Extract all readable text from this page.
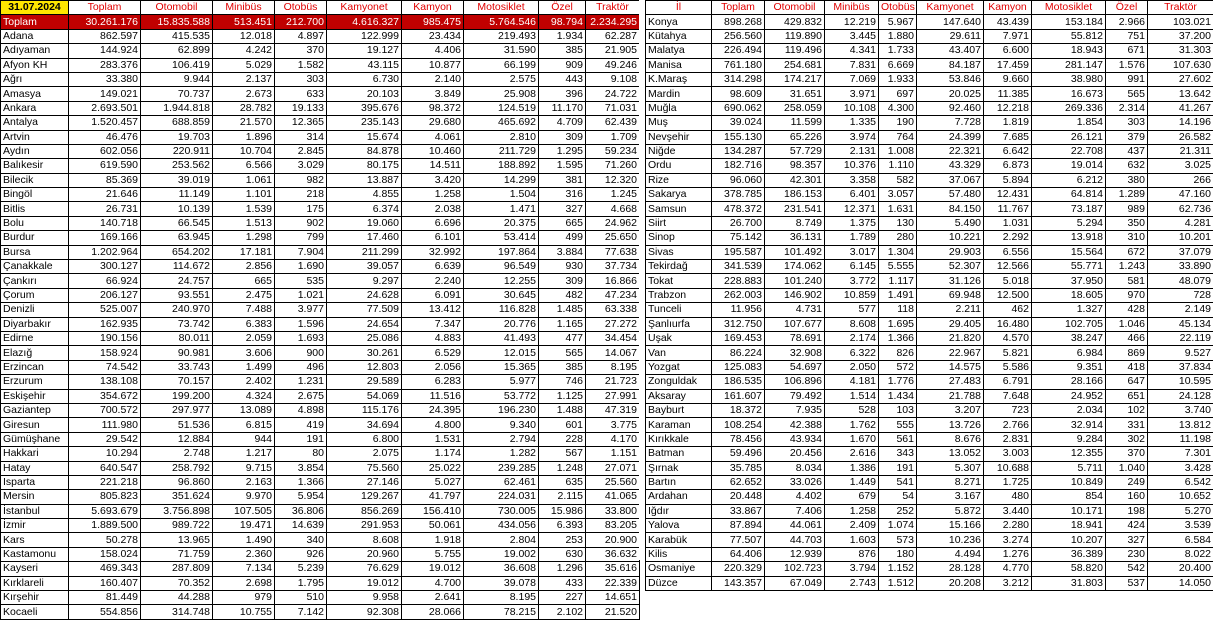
31.07.2024	Toplam	Otomobil	Minibüs	Otobüs	Kamyonet	Kamyon	Motosiklet	Özel	Traktör
Toplam	30.261.176	15.835.588	513.451	212.700	4.616.327	985.475	5.764.546	98.794	2.234.295
Adana	862.597	415.535	12.018	4.897	122.999	23.434	219.493	1.934	62.287
Adıyaman	144.924	62.899	4.242	370	19.127	4.406	31.590	385	21.905
Afyon KH	283.376	106.419	5.029	1.582	43.115	10.877	66.199	909	49.246
Ağrı	33.380	9.944	2.137	303	6.730	2.140	2.575	443	9.108
Amasya	149.021	70.737	2.673	633	20.103	3.849	25.908	396	24.722
Ankara	2.693.501	1.944.818	28.782	19.133	395.676	98.372	124.519	11.170	71.031
Antalya	1.520.457	688.859	21.570	12.365	235.143	29.680	465.692	4.709	62.439
Artvin	46.476	19.703	1.896	314	15.674	4.061	2.810	309	1.709
Aydın	602.056	220.911	10.704	2.845	84.878	10.460	211.729	1.295	59.234
Balıkesir	619.590	253.562	6.566	3.029	80.175	14.511	188.892	1.595	71.260
Bilecik	85.369	39.019	1.061	982	13.887	3.420	14.299	381	12.320
Bingöl	21.646	11.149	1.101	218	4.855	1.258	1.504	316	1.245
Bitlis	26.731	10.139	1.539	175	6.374	2.038	1.471	327	4.668
Bolu	140.718	66.545	1.513	902	19.060	6.696	20.375	665	24.962
Burdur	169.166	63.945	1.298	799	17.460	6.101	53.414	499	25.650
Bursa	1.202.964	654.202	17.181	7.904	211.299	32.992	197.864	3.884	77.638
Çanakkale	300.127	114.672	2.856	1.690	39.057	6.639	96.549	930	37.734
Çankırı	66.924	24.757	665	535	9.297	2.240	12.255	309	16.866
Çorum	206.127	93.551	2.475	1.021	24.628	6.091	30.645	482	47.234
Denizli	525.007	240.970	7.488	3.977	77.509	13.412	116.828	1.485	63.338
Diyarbakır	162.935	73.742	6.383	1.596	24.654	7.347	20.776	1.165	27.272
Edirne	190.156	80.011	2.059	1.693	25.086	4.883	41.493	477	34.454
Elazığ	158.924	90.981	3.606	900	30.261	6.529	12.015	565	14.067
Erzincan	74.542	33.743	1.499	496	12.803	2.056	15.365	385	8.195
Erzurum	138.108	70.157	2.402	1.231	29.589	6.283	5.977	746	21.723
Eskişehir	354.672	199.200	4.324	2.675	54.069	11.516	53.772	1.125	27.991
Gaziantep	700.572	297.977	13.089	4.898	115.176	24.395	196.230	1.488	47.319
Giresun	111.980	51.536	6.815	419	34.694	4.800	9.340	601	3.775
Gümüşhane	29.542	12.884	944	191	6.800	1.531	2.794	228	4.170
Hakkari	10.294	2.748	1.217	80	2.075	1.174	1.282	567	1.151
Hatay	640.547	258.792	9.715	3.854	75.560	25.022	239.285	1.248	27.071
Isparta	221.218	96.860	2.163	1.366	27.146	5.027	62.461	635	25.560
Mersin	805.823	351.624	9.970	5.954	129.267	41.797	224.031	2.115	41.065
İstanbul	5.693.679	3.756.898	107.505	36.806	856.269	156.410	730.005	15.986	33.800
İzmir	1.889.500	989.722	19.471	14.639	291.953	50.061	434.056	6.393	83.205
Kars	50.278	13.965	1.490	340	8.608	1.918	2.804	253	20.900
Kastamonu	158.024	71.759	2.360	926	20.960	5.755	19.002	630	36.632
Kayseri	469.343	287.809	7.134	5.239	76.629	19.012	36.608	1.296	35.616
Kırklareli	160.407	70.352	2.698	1.795	19.012	4.700	39.078	433	22.339
Kırşehir	81.449	44.288	979	510	9.958	2.641	8.195	227	14.651
Kocaeli	554.856	314.748	10.755	7.142	92.308	28.066	78.215	2.102	21.520
İl	Toplam	Otomobil	Minibüs	Otobüs	Kamyonet	Kamyon	Motosiklet	Özel	Traktör
Konya	898.268	429.832	12.219	5.967	147.640	43.439	153.184	2.966	103.021
Kütahya	256.560	119.890	3.445	1.880	29.611	7.971	55.812	751	37.200
Malatya	226.494	119.496	4.341	1.733	43.407	6.600	18.943	671	31.303
Manisa	761.180	254.681	7.831	6.669	84.187	17.459	281.147	1.576	107.630
K.Maraş	314.298	174.217	7.069	1.933	53.846	9.660	38.980	991	27.602
Mardin	98.609	31.651	3.971	697	20.025	11.385	16.673	565	13.642
Muğla	690.062	258.059	10.108	4.300	92.460	12.218	269.336	2.314	41.267
Muş	39.024	11.599	1.335	190	7.728	1.819	1.854	303	14.196
Nevşehir	155.130	65.226	3.974	764	24.399	7.685	26.121	379	26.582
Niğde	134.287	57.729	2.131	1.008	22.321	6.642	22.708	437	21.311
Ordu	182.716	98.357	10.376	1.110	43.329	6.873	19.014	632	3.025
Rize	96.060	42.301	3.358	582	37.067	5.894	6.212	380	266
Sakarya	378.785	186.153	6.401	3.057	57.480	12.431	64.814	1.289	47.160
Samsun	478.372	231.541	12.371	1.631	84.150	11.767	73.187	989	62.736
Siirt	26.700	8.749	1.375	130	5.490	1.031	5.294	350	4.281
Sinop	75.142	36.131	1.789	280	10.221	2.292	13.918	310	10.201
Sivas	195.587	101.492	3.017	1.304	29.903	6.556	15.564	672	37.079
Tekirdağ	341.539	174.062	6.145	5.555	52.307	12.566	55.771	1.243	33.890
Tokat	228.883	101.240	3.772	1.117	31.126	5.018	37.950	581	48.079
Trabzon	262.003	146.902	10.859	1.491	69.948	12.500	18.605	970	728
Tunceli	11.956	4.731	577	118	2.211	462	1.327	428	2.149
Şanlıurfa	312.750	107.677	8.608	1.695	29.405	16.480	102.705	1.046	45.134
Uşak	169.453	78.691	2.174	1.366	21.820	4.570	38.247	466	22.119
Van	86.224	32.908	6.322	826	22.967	5.821	6.984	869	9.527
Yozgat	125.083	54.697	2.050	572	14.575	5.586	9.351	418	37.834
Zonguldak	186.535	106.896	4.181	1.776	27.483	6.791	28.166	647	10.595
Aksaray	161.607	79.492	1.514	1.434	21.788	7.648	24.952	651	24.128
Bayburt	18.372	7.935	528	103	3.207	723	2.034	102	3.740
Karaman	108.254	42.388	1.762	555	13.726	2.766	32.914	331	13.812
Kırıkkale	78.456	43.934	1.670	561	8.676	2.831	9.284	302	11.198
Batman	59.496	20.456	2.616	343	13.052	3.003	12.355	370	7.301
Şırnak	35.785	8.034	1.386	191	5.307	10.688	5.711	1.040	3.428
Bartın	62.652	33.026	1.449	541	8.271	1.725	10.849	249	6.542
Ardahan	20.448	4.402	679	54	3.167	480	854	160	10.652
Iğdır	33.867	7.406	1.258	252	5.872	3.440	10.171	198	5.270
Yalova	87.894	44.061	2.409	1.074	15.166	2.280	18.941	424	3.539
Karabük	77.507	44.703	1.603	573	10.236	3.274	10.207	327	6.584
Kilis	64.406	12.939	876	180	4.494	1.276	36.389	230	8.022
Osmaniye	220.329	102.723	3.794	1.152	28.128	4.770	58.820	542	20.400
Düzce	143.357	67.049	2.743	1.512	20.208	3.212	31.803	537	14.050
